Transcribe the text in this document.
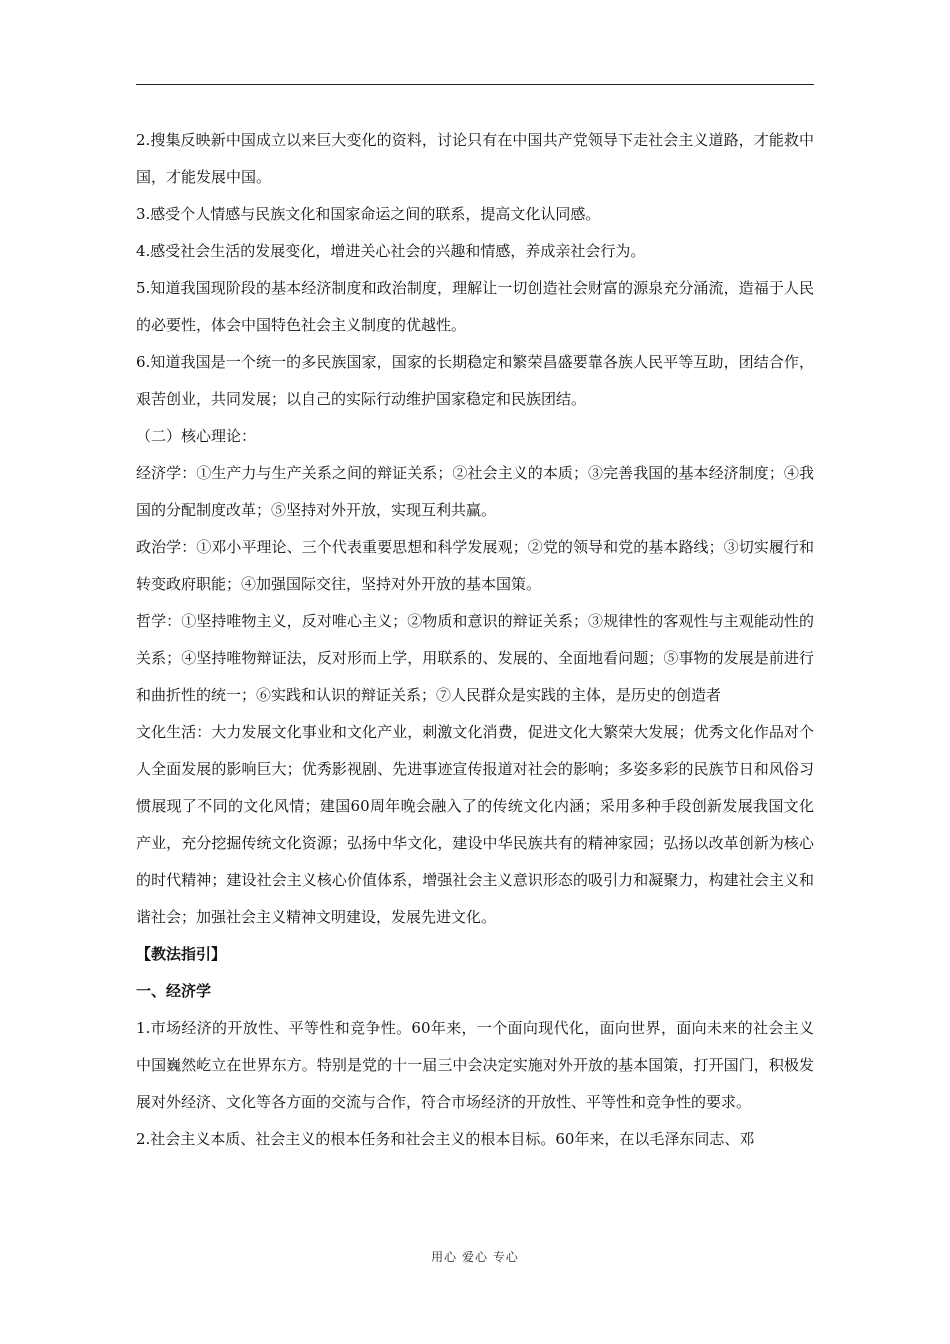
2.搜集反映新中国成立以来巨大变化的资料，讨论只有在中国共产党领导下走社会主义道路，才能救中国，才能发展中国。

3.感受个人情感与民族文化和国家命运之间的联系，提高文化认同感。

4.感受社会生活的发展变化，增进关心社会的兴趣和情感，养成亲社会行为。

5.知道我国现阶段的基本经济制度和政治制度，理解让一切创造社会财富的源泉充分涌流，造福于人民的必要性，体会中国特色社会主义制度的优越性。

6.知道我国是一个统一的多民族国家，国家的长期稳定和繁荣昌盛要靠各族人民平等互助，团结合作，艰苦创业，共同发展；以自己的实际行动维护国家稳定和民族团结。

（二）核心理论：

经济学：①生产力与生产关系之间的辩证关系；②社会主义的本质；③完善我国的基本经济制度；④我国的分配制度改革；⑤坚持对外开放，实现互利共赢。

政治学：①邓小平理论、三个代表重要思想和科学发展观；②党的领导和党的基本路线；③切实履行和转变政府职能；④加强国际交往，坚持对外开放的基本国策。

哲学：①坚持唯物主义，反对唯心主义；②物质和意识的辩证关系；③规律性的客观性与主观能动性的关系；④坚持唯物辩证法，反对形而上学，用联系的、发展的、全面地看问题；⑤事物的发展是前进行和曲折性的统一；⑥实践和认识的辩证关系；⑦人民群众是实践的主体，是历史的创造者

文化生活：大力发展文化事业和文化产业，刺激文化消费，促进文化大繁荣大发展；优秀文化作品对个人全面发展的影响巨大；优秀影视剧、先进事迹宣传报道对社会的影响；多姿多彩的民族节日和风俗习惯展现了不同的文化风情；建国60周年晚会融入了的传统文化内涵；采用多种手段创新发展我国文化产业，充分挖掘传统文化资源；弘扬中华文化，建设中华民族共有的精神家园；弘扬以改革创新为核心的时代精神；建设社会主义核心价值体系，增强社会主义意识形态的吸引力和凝聚力，构建社会主义和谐社会；加强社会主义精神文明建设，发展先进文化。

【教法指引】

一、经济学

1.市场经济的开放性、平等性和竞争性。60年来，一个面向现代化，面向世界，面向未来的社会主义中国巍然屹立在世界东方。特别是党的十一届三中会决定实施对外开放的基本国策，打开国门，积极发展对外经济、文化等各方面的交流与合作，符合市场经济的开放性、平等性和竞争性的要求。

2.社会主义本质、社会主义的根本任务和社会主义的根本目标。60年来，在以毛泽东同志、邓

用心 爱心 专心
